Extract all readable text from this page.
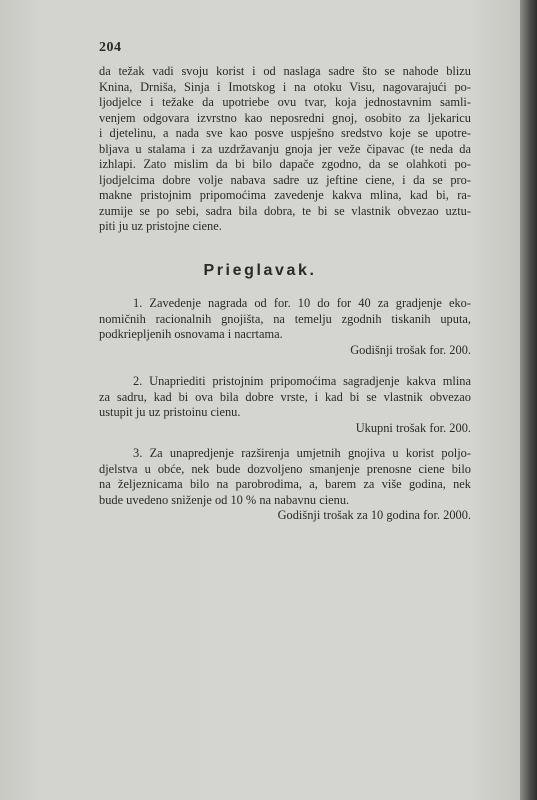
204
da težak vadi svoju korist i od naslaga sadre što se nahode blizu
Knina, Drniša, Sinja i Imotskog i na otoku Visu, nagovarajući po-
ljodjelce i težake da upotriebe ovu tvar, koja jednostavnim samli-
venjem odgovara izvrstno kao neposredni gnoj, osobito za ljekaricu
i djetelinu, a nada sve kao posve uspješno sredstvo koje se upotre-
bljava u stalama i za uzdržavanju gnoja jer veže čipavac (te neda da
izhlapi. Zato mislim da bi bilo dapače zgodno, da se olahkoti po-
ljodjelcima dobre volje nabava sadre uz jeftine ciene, i da se pro-
makne pristojnim pripomoćima zavedenje kakva mlina, kad bi, ra-
zumije se po sebi, sadra bila dobra, te bi se vlastnik obvezao uztu-
piti ju uz pristojne ciene.
Prieglavak.
1. Zavedenje nagrada od for. 10 do for 40 za gradjenje eko-
nomičnih racionalnih gnojišta, na temelju zgodnih tiskanih uputa,
podkriepljenih osnovama i nacrtama.
Godišnji trošak for. 200.
2. Unapriediti pristojnim pripomoćima sagradjenje kakva mlina
za sadru, kad bi ova bila dobre vrste, i kad bi se vlastnik obvezao
ustupit ju uz pristoinu cienu.
Ukupni trošak for. 200.
3. Za unapredjenje razširenja umjetnih gnojiva u korist poljo-
djelstva u obće, nek bude dozvoljeno smanjenje prenosne ciene bilo
na željeznicama bilo na parobrodima, a, barem za više godina, nek
bude uvedeno sniženje od 10 % na nabavnu cienu.
Godišnji trošak za 10 godina for. 2000.
